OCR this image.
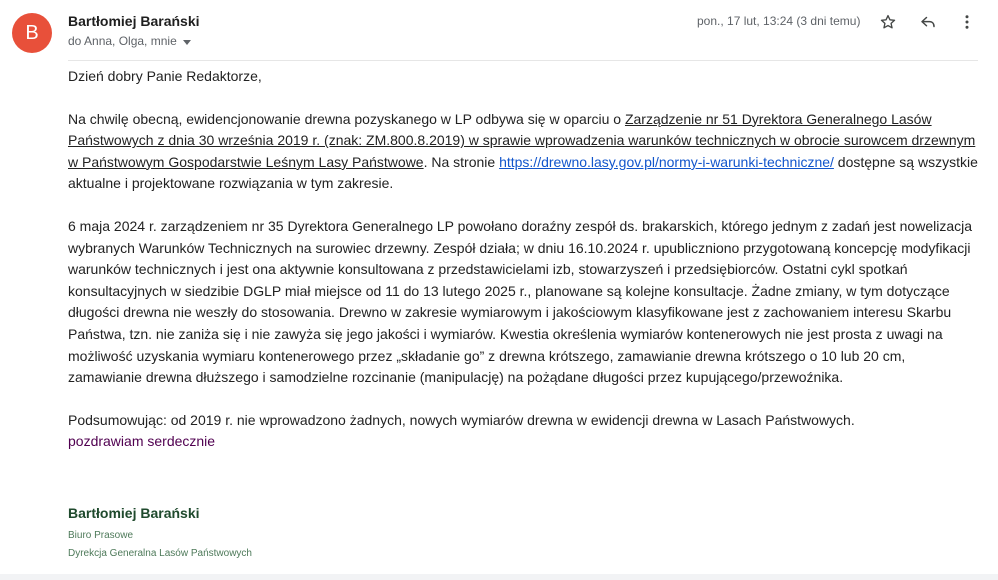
B
Bartłomiej Barański
do Anna, Olga, mnie
pon., 17 lut, 13:24 (3 dni temu)

Dzień dobry Panie Redaktorze,

Na chwilę obecną, ewidencjonowanie drewna pozyskanego w LP odbywa się w oparciu o Zarządzenie nr 51 Dyrektora Generalnego Lasów Państwowych z dnia 30 września 2019 r. (znak: ZM.800.8.2019) w sprawie wprowadzenia warunków technicznych w obrocie surowcem drzewnym w Państwowym Gospodarstwie Leśnym Lasy Państwowe. Na stronie https://drewno.lasy.gov.pl/normy-i-warunki-techniczne/ dostępne są wszystkie aktualne i projektowane rozwiązania w tym zakresie.

6 maja 2024 r. zarządzeniem nr 35 Dyrektora Generalnego LP powołano doraźny zespół ds. brakarskich, którego jednym z zadań jest nowelizacja wybranych Warunków Technicznych na surowiec drzewny. Zespół działa; w dniu 16.10.2024 r. upubliczniono przygotowaną koncepcję modyfikacji warunków technicznych i jest ona aktywnie konsultowana z przedstawicielami izb, stowarzyszeń i przedsiębiorców. Ostatni cykl spotkań konsultacyjnych w siedzibie DGLP miał miejsce od 11 do 13 lutego 2025 r., planowane są kolejne konsultacje. Żadne zmiany, w tym dotyczące długości drewna nie weszły do stosowania. Drewno w zakresie wymiarowym i jakościowym klasyfikowane jest z zachowaniem interesu Skarbu Państwa, tzn. nie zaniża się i nie zawyża się jego jakości i wymiarów. Kwestia określenia wymiarów kontenerowych nie jest prosta z uwagi na możliwość uzyskania wymiaru kontenerowego przez „składanie go” z drewna krótszego, zamawianie drewna krótszego o 10 lub 20 cm, zamawianie drewna dłuższego i samodzielne rozcinanie (manipulację) na pożądane długości przez kupującego/przewoźnika.

Podsumowując: od 2019 r. nie wprowadzono żadnych, nowych wymiarów drewna w ewidencji drewna w Lasach Państwowych.

pozdrawiam serdecznie

Bartłomiej Barański
Biuro Prasowe
Dyrekcja Generalna Lasów Państwowych
